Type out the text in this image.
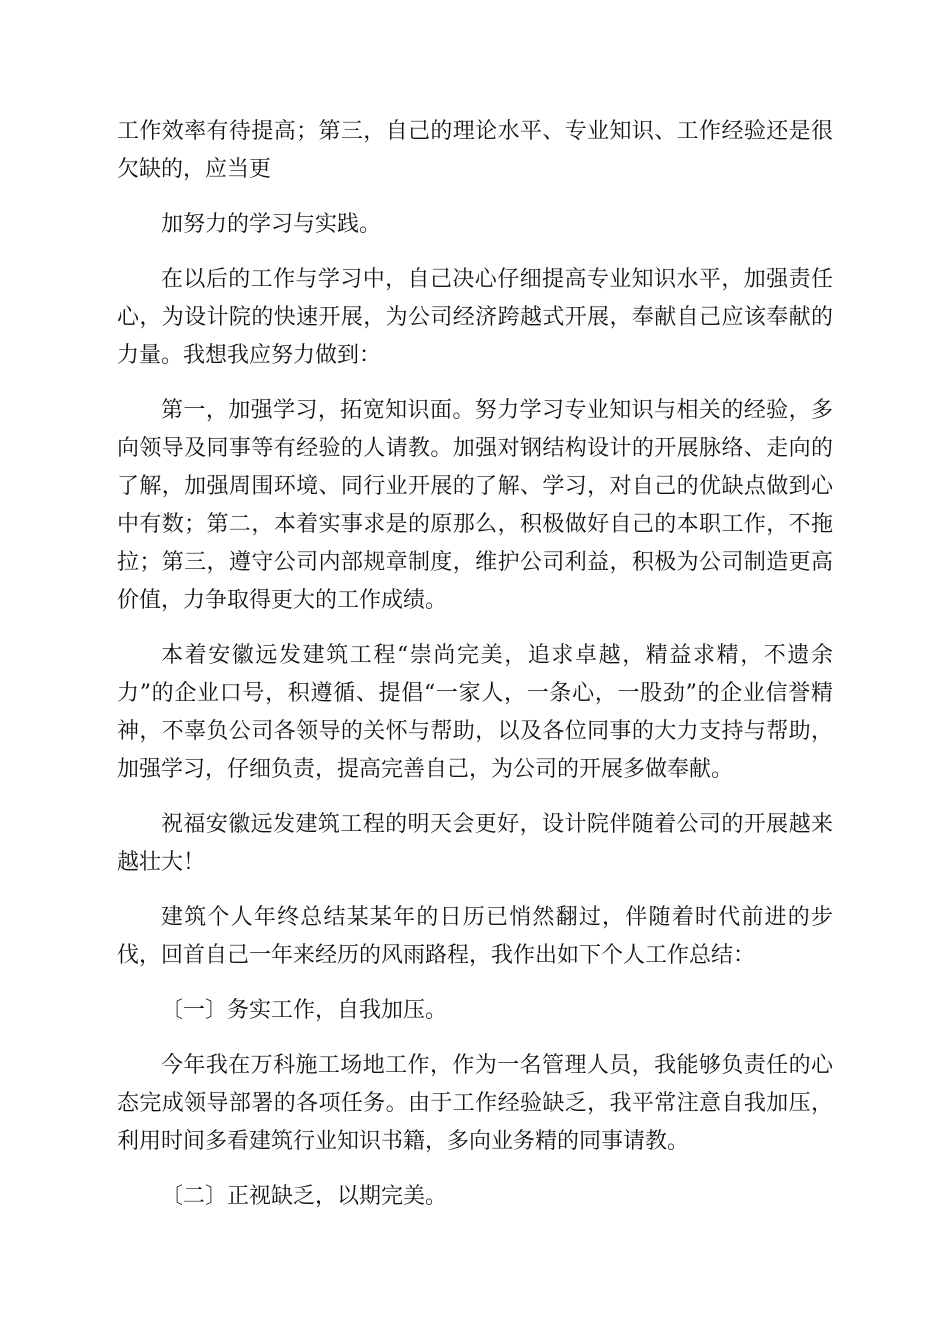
工作效率有待提高；第三，自己的理论水平、专业知识、工作经验还是很欠缺的，应当更

加努力的学习与实践。

在以后的工作与学习中，自己决心仔细提高专业知识水平，加强责任心，为设计院的快速开展，为公司经济跨越式开展，奉献自己应该奉献的力量。我想我应努力做到：

第一，加强学习，拓宽知识面。努力学习专业知识与相关的经验，多向领导及同事等有经验的人请教。加强对钢结构设计的开展脉络、走向的了解，加强周围环境、同行业开展的了解、学习，对自己的优缺点做到心中有数；第二，本着实事求是的原那么，积极做好自己的本职工作，不拖拉；第三，遵守公司内部规章制度，维护公司利益，积极为公司制造更高价值，力争取得更大的工作成绩。

本着安徽远发建筑工程“崇尚完美，追求卓越，精益求精，不遗余力”的企业口号，积遵循、提倡“一家人，一条心，一股劲”的企业信誉精神，不辜负公司各领导的关怀与帮助，以及各位同事的大力支持与帮助，加强学习，仔细负责，提高完善自己，为公司的开展多做奉献。

祝福安徽远发建筑工程的明天会更好，设计院伴随着公司的开展越来越壮大！

建筑个人年终总结某某年的日历已悄然翻过，伴随着时代前进的步伐，回首自己一年来经历的风雨路程，我作出如下个人工作总结：

〔一〕务实工作，自我加压。

今年我在万科施工场地工作，作为一名管理人员，我能够负责任的心态完成领导部署的各项任务。由于工作经验缺乏，我平常注意自我加压，利用时间多看建筑行业知识书籍，多向业务精的同事请教。

〔二〕正视缺乏，以期完美。
